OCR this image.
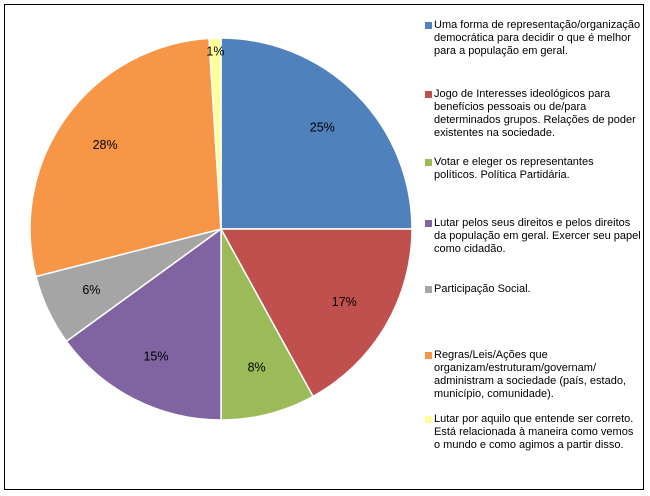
25%
17%
8%
15%
6%
28%
1%
Uma forma de representação/organização
democrática para decidir o que é melhor
para a população em geral.
Jogo de Interesses ideológicos para
benefícios pessoais ou de/para
determinados grupos. Relações de poder
existentes na sociedade.
Votar e eleger os representantes
políticos. Política Partidária.
Lutar pelos seus direitos e pelos direitos
da população em geral. Exercer seu papel
como cidadão.
Participação Social.
Regras/Leis/Ações que
organizam/estruturam/governam/
administram a sociedade (país, estado,
município, comunidade).
Lutar por aquilo que entende ser correto.
Está relacionada à maneira como vemos
o mundo e como agimos a partir disso.
